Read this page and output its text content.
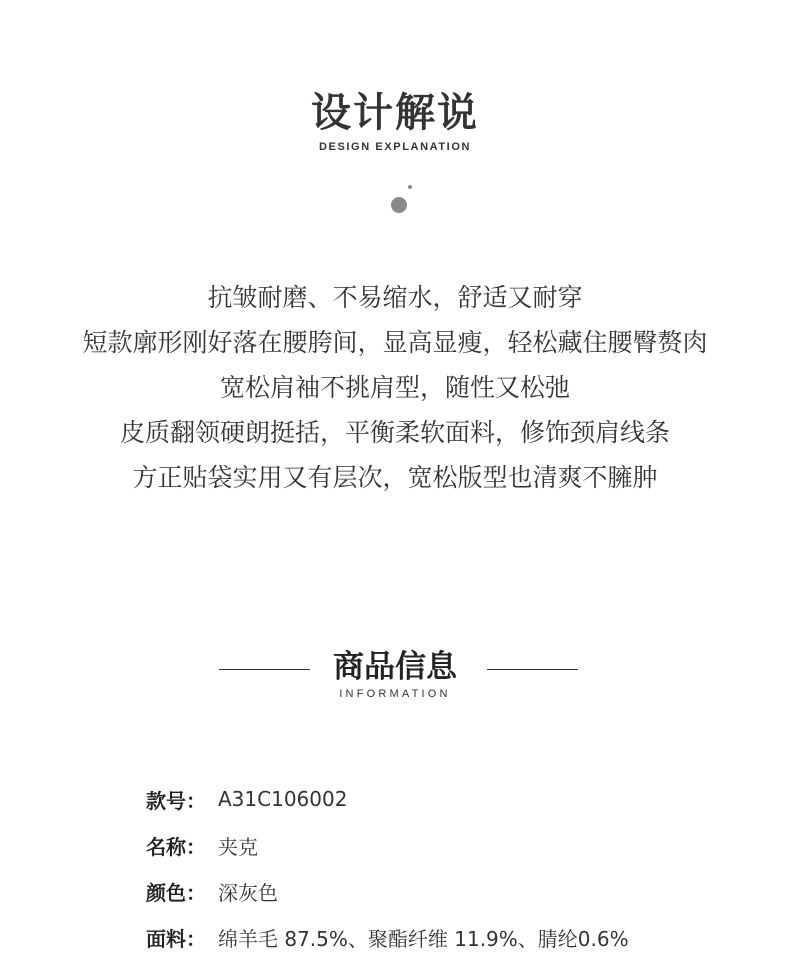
设计解说
DESIGN EXPLANATION
抗皱耐磨、不易缩水，舒适又耐穿
短款廓形刚好落在腰胯间，显高显瘦，轻松藏住腰臀赘肉
宽松肩袖不挑肩型，随性又松弛
皮质翻领硬朗挺括，平衡柔软面料，修饰颈肩线条
方正贴袋实用又有层次，宽松版型也清爽不臃肿
商品信息
INFORMATION
款号： A31C106002
名称： 夹克
颜色： 深灰色
面料： 绵羊毛 87.5%、聚酯纤维 11.9%、腈纶0.6%
